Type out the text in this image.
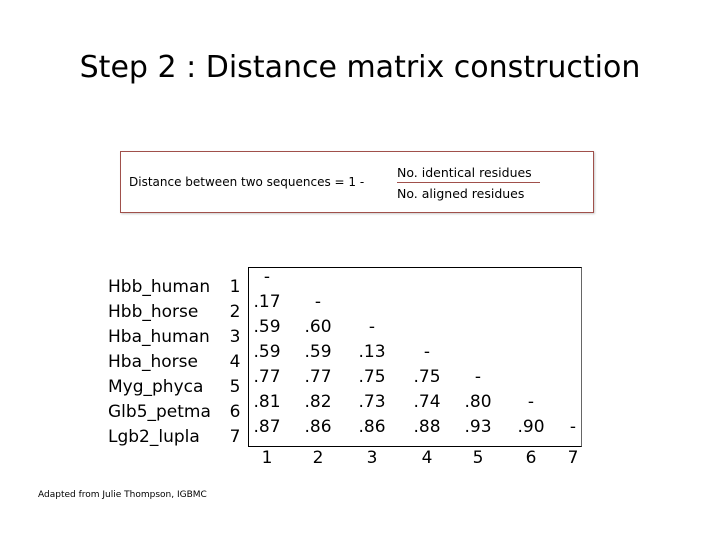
Step 2 : Distance matrix construction
Distance between two sequences = 1 -
No. identical residues
No. aligned residues
Hbb_human	1
Hbb_horse	2
Hba_human	3
Hba_horse	4
Myg_phyca	5
Glb5_petma	6
Lgb2_lupla	7
-
.17	-
.59	.60	-
.59	.59	.13	-
.77	.77	.75	.75	-
.81	.82	.73	.74	.80	-
.87	.86	.86	.88	.93	.90	-
1	2	3	4	5	6	7
Adapted from Julie Thompson, IGBMC
